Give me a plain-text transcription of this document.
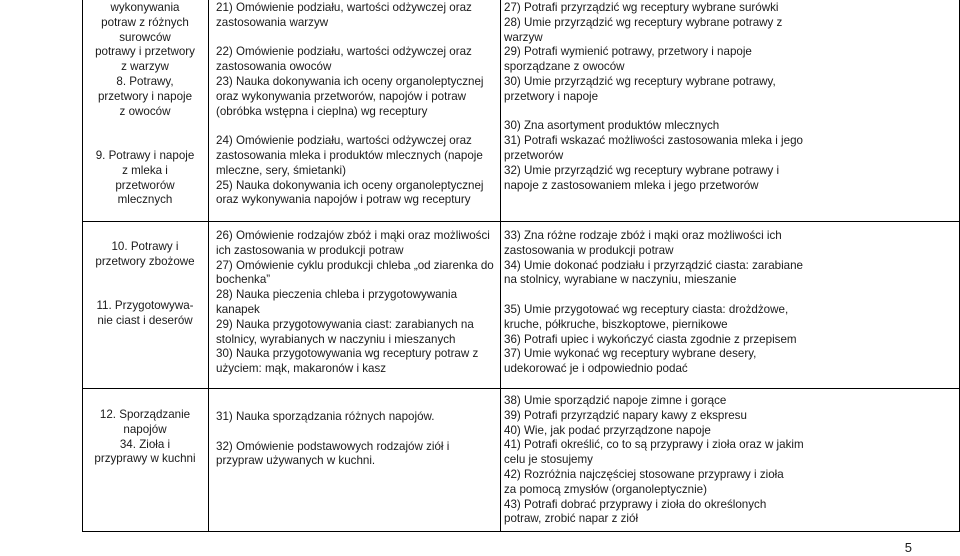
wykonywania

potraw z różnych

surowców

potrawy i przetwory

z warzyw

8. Potrawy,

przetwory i napoje

z owoców

9. Potrawy i napoje

z mleka i

przetworów

mlecznych

21) Omówienie podziału, wartości odżywczej oraz zastosowania warzyw

22) Omówienie podziału, wartości odżywczej oraz zastosowania owoców

23) Nauka dokonywania ich oceny organoleptycznej oraz wykonywania przetworów, napojów i potraw (obróbka wstępna i cieplna) wg receptury

24) Omówienie podziału, wartości odżywczej oraz zastosowania mleka i produktów mlecznych (napoje mleczne, sery, śmietanki)

25) Nauka dokonywania ich oceny organoleptycznej oraz wykonywania napojów i potraw wg receptury

27) Potrafi przyrządzić wg receptury wybrane surówki

28) Umie przyrządzić wg receptury wybrane potrawy z warzyw

29) Potrafi wymienić potrawy, przetwory i napoje sporządzane z owoców

30) Umie przyrządzić wg receptury wybrane potrawy, przetwory i napoje

30) Zna asortyment produktów mlecznych

31) Potrafi wskazać możliwości zastosowania mleka i jego przetworów

32) Umie przyrządzić wg receptury wybrane potrawy i napoje z zastosowaniem mleka i jego przetworów

10. Potrawy i

przetwory zbożowe

11. Przygotowywa-

nie ciast i deserów

26) Omówienie rodzajów zbóż i mąki oraz możliwości ich zastosowania w produkcji potraw

27) Omówienie cyklu produkcji chleba „od ziarenka do bochenka”

28) Nauka pieczenia chleba i przygotowywania kanapek

29) Nauka przygotowywania ciast: zarabianych na stolnicy, wyrabianych w naczyniu i mieszanych

30) Nauka przygotowywania wg receptury potraw z użyciem: mąk, makaronów i kasz

33) Zna różne rodzaje zbóż i mąki oraz możliwości ich zastosowania w produkcji potraw

34) Umie dokonać podziału i przyrządzić ciasta: zarabiane na stolnicy, wyrabiane w naczyniu, mieszanie

35) Umie przygotować wg receptury ciasta: drożdżowe, kruche, półkruche, biszkoptowe, piernikowe

36) Potrafi upiec i wykończyć ciasta zgodnie z przepisem

37) Umie wykonać wg receptury wybrane desery, udekorować je i odpowiednio podać

12. Sporządzanie

napojów

34. Zioła i

przyprawy w kuchni

31) Nauka sporządzania różnych napojów.

32) Omówienie podstawowych rodzajów ziół i przypraw używanych w kuchni.

38) Umie sporządzić napoje zimne i gorące

39) Potrafi przyrządzić napary kawy z ekspresu

40) Wie, jak podać przyrządzone napoje

41) Potrafi określić, co to są przyprawy i zioła oraz w jakim celu je stosujemy

42) Rozróżnia najczęściej stosowane przyprawy i zioła za pomocą zmysłów (organoleptycznie)

43) Potrafi dobrać przyprawy i zioła do określonych potraw, zrobić napar z ziół

5
